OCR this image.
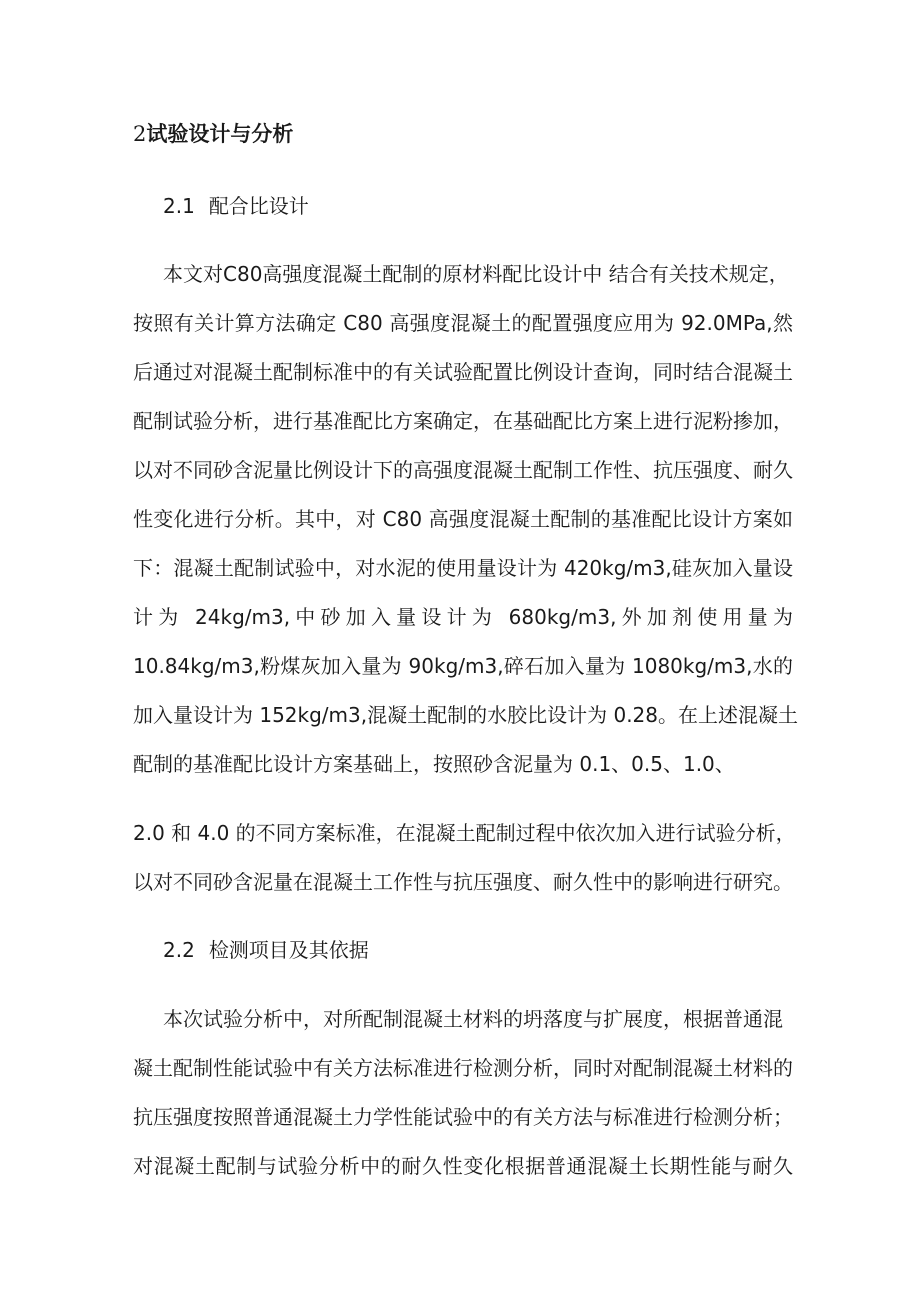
2试验设计与分析
2.1 配合比设计
本文对C80高强度混凝土配制的原材料配比设计中 结合有关技术规定，
按照有关计算方法确定 C80 高强度混凝土的配置强度应用为 92.0MPa,然
后通过对混凝土配制标准中的有关试验配置比例设计查询，同时结合混凝土
配制试验分析，进行基准配比方案确定，在基础配比方案上进行泥粉掺加，
以对不同砂含泥量比例设计下的高强度混凝土配制工作性、抗压强度、耐久
性变化进行分析。其中，对 C80 高强度混凝土配制的基准配比设计方案如
下：混凝土配制试验中，对水泥的使用量设计为 420kg/m3,硅灰加入量设
计为 24kg/m3,中砂加入量设计为 680kg/m3,外加剂使用量为
10.84kg/m3,粉煤灰加入量为 90kg/m3,碎石加入量为 1080kg/m3,水的
加入量设计为 152kg/m3,混凝土配制的水胶比设计为 0.28。在上述混凝土
配制的基准配比设计方案基础上，按照砂含泥量为 0.1、0.5、1.0、
2.0 和 4.0 的不同方案标准，在混凝土配制过程中依次加入进行试验分析，
以对不同砂含泥量在混凝土工作性与抗压强度、耐久性中的影响进行研究。
2.2 检测项目及其依据
本次试验分析中，对所配制混凝土材料的坍落度与扩展度，根据普通混
凝土配制性能试验中有关方法标准进行检测分析，同时对配制混凝土材料的
抗压强度按照普通混凝土力学性能试验中的有关方法与标准进行检测分析；
对混凝土配制与试验分析中的耐久性变化根据普通混凝土长期性能与耐久
